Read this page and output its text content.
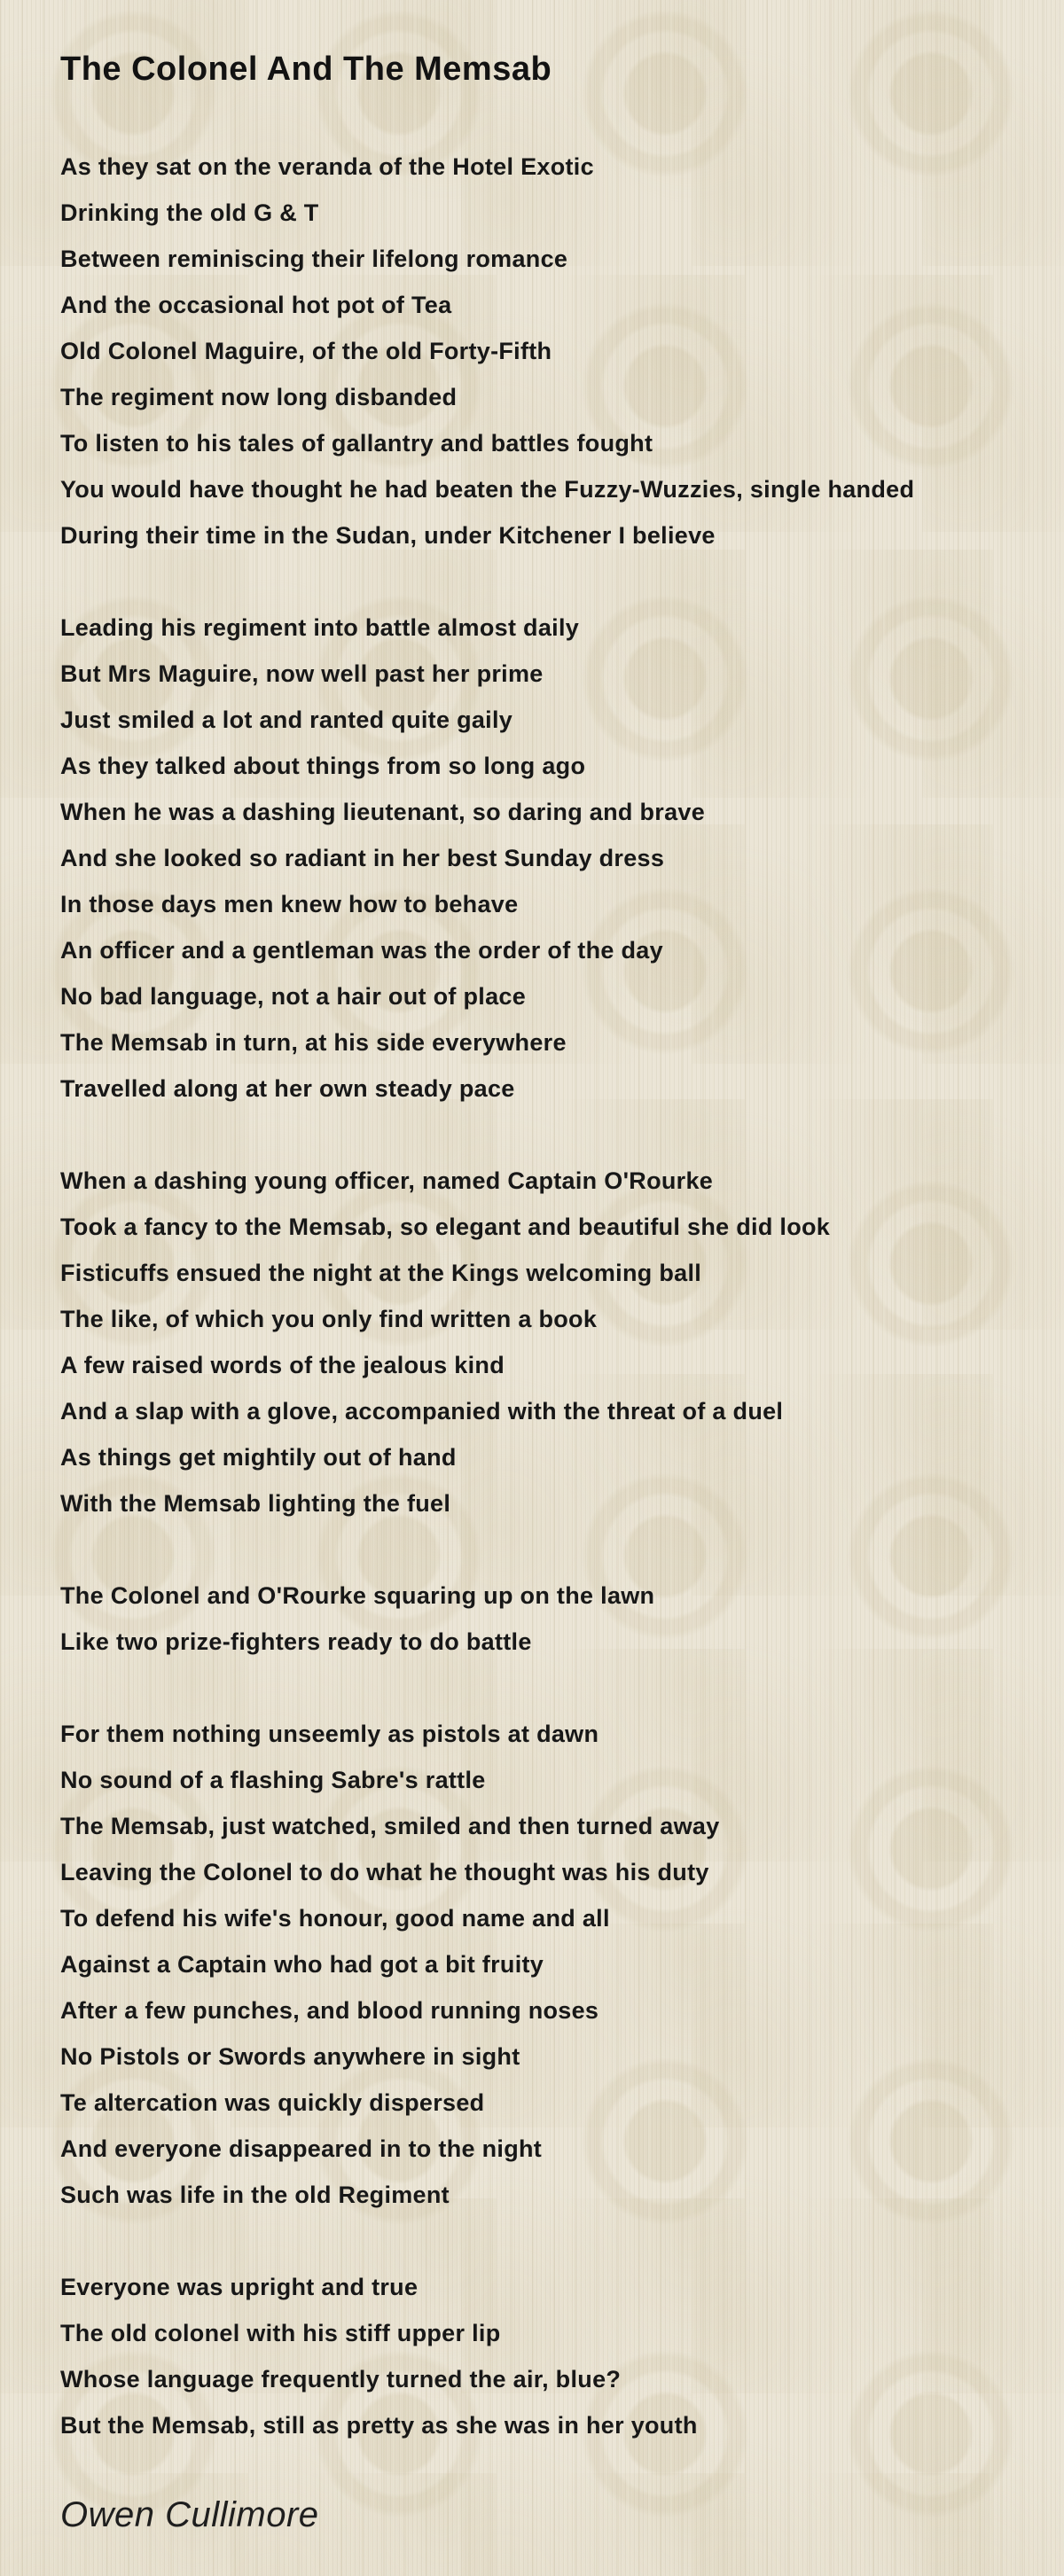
The Colonel And The Memsab

As they sat on the veranda of the Hotel Exotic

Drinking the old G & T

Between reminiscing their lifelong romance

And the occasional hot pot of Tea

Old Colonel Maguire, of the old Forty-Fifth

The regiment now long disbanded

To listen to his tales of gallantry and battles fought

You would have thought he had beaten the Fuzzy-Wuzzies, single handed

During their time in the Sudan, under Kitchener I believe

Leading his regiment into battle almost daily

But Mrs Maguire, now well past her prime

Just smiled a lot and ranted quite gaily

As they talked about things from so long ago

When he was a dashing lieutenant, so daring and brave

And she looked so radiant in her best Sunday dress

In those days men knew how to behave

An officer and a gentleman was the order of the day

No bad language, not a hair out of place

The Memsab in turn, at his side everywhere

Travelled along at her own steady pace

When a dashing young officer, named Captain O'Rourke

Took a fancy to the Memsab, so elegant and beautiful she did look

Fisticuffs ensued the night at the Kings welcoming ball

The like, of which you only find written a book

A few raised words of the jealous kind

And a slap with a glove, accompanied with the threat of a duel

As things get mightily out of hand

With the Memsab lighting the fuel

The Colonel and O'Rourke squaring up on the lawn

Like two prize-fighters ready to do battle

For them nothing unseemly as pistols at dawn

No sound of a flashing Sabre's rattle

The Memsab, just watched, smiled and then turned away

Leaving the Colonel to do what he thought was his duty

To defend his wife's honour, good name and all

Against a Captain who had got a bit fruity

After a few punches, and blood running noses

No Pistols or Swords anywhere in sight

Te altercation was quickly dispersed

And everyone disappeared in to the night

Such was life in the old Regiment

Everyone was upright and true

The old colonel with his stiff upper lip

Whose language frequently turned the air, blue?

But the Memsab, still as pretty as she was in her youth

Owen Cullimore
